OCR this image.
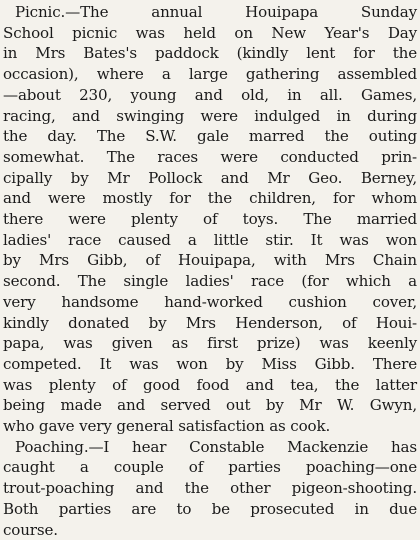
Picnic.—The annual Houipapa Sunday
School picnic was held on New Year's Day
in Mrs Bates's paddock (kindly lent for the
occasion), where a large gathering assembled
—about 230, young and old, in all. Games,
racing, and swinging were indulged in during
the day. The S.W. gale marred the outing
somewhat. The races were conducted prin-
cipally by Mr Pollock and Mr Geo. Berney,
and were mostly for the children, for whom
there were plenty of toys. The married
ladies' race caused a little stir. It was won
by Mrs Gibb, of Houipapa, with Mrs Chain
second. The single ladies' race (for which a
very handsome hand-worked cushion cover,
kindly donated by Mrs Henderson, of Houi-
papa, was given as first prize) was keenly
competed. It was won by Miss Gibb. There
was plenty of good food and tea, the latter
being made and served out by Mr W. Gwyn,
who gave very general satisfaction as cook.
Poaching.—I hear Constable Mackenzie has
caught a couple of parties poaching—one
trout-poaching and the other pigeon-shooting.
Both parties are to be prosecuted in due
course.
